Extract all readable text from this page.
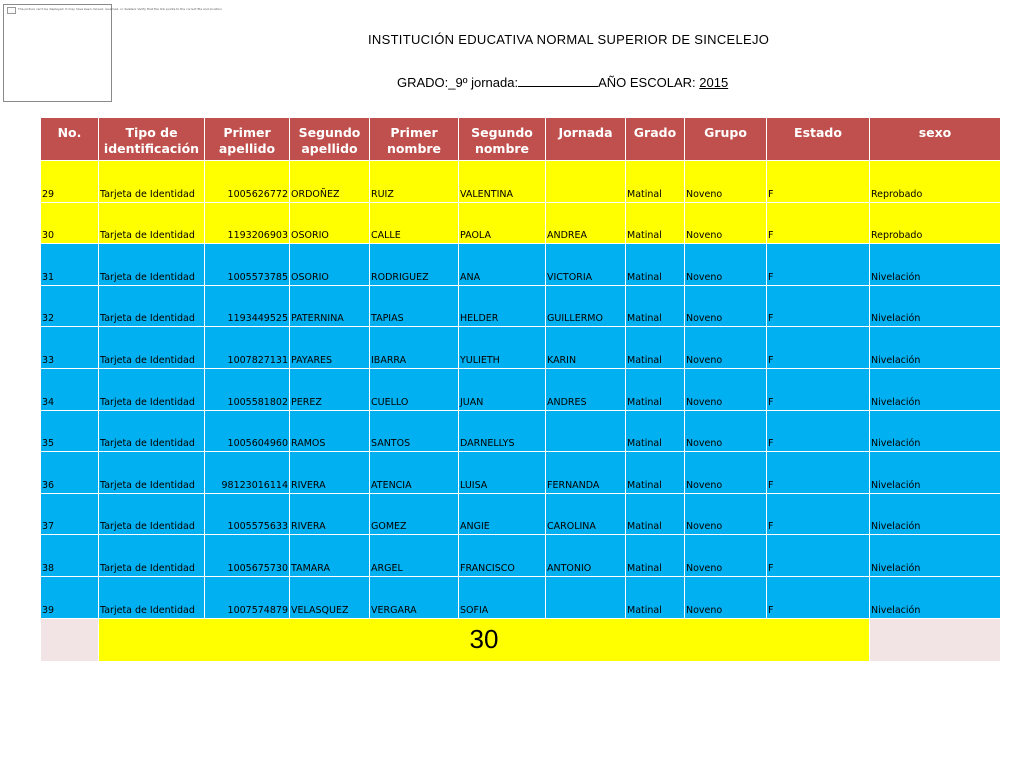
The picture can't be displayed. It may have been moved, renamed, or deleted. Verify that the link points to the correct file and location.
INSTITUCIÓN EDUCATIVA NORMAL SUPERIOR DE SINCELEJO
GRADO:_9º jornada:	AÑO ESCOLAR: 2015
No.	Tipo de identificación	Primer apellido	Segundo apellido	Primer nombre	Segundo nombre	Jornada	Grado	Grupo	Estado	sexo
29	Tarjeta de Identidad	1005626772	ORDOÑEZ	RUIZ	VALENTINA		Matinal	Noveno	F	Reprobado
30	Tarjeta de Identidad	1193206903	OSORIO	CALLE	PAOLA	ANDREA	Matinal	Noveno	F	Reprobado
31	Tarjeta de Identidad	1005573785	OSORIO	RODRIGUEZ	ANA	VICTORIA	Matinal	Noveno	F	Nivelación
32	Tarjeta de Identidad	1193449525	PATERNINA	TAPIAS	HELDER	GUILLERMO	Matinal	Noveno	F	Nivelación
33	Tarjeta de Identidad	1007827131	PAYARES	IBARRA	YULIETH	KARIN	Matinal	Noveno	F	Nivelación
34	Tarjeta de Identidad	1005581802	PEREZ	CUELLO	JUAN	ANDRES	Matinal	Noveno	F	Nivelación
35	Tarjeta de Identidad	1005604960	RAMOS	SANTOS	DARNELLYS		Matinal	Noveno	F	Nivelación
36	Tarjeta de Identidad	98123016114	RIVERA	ATENCIA	LUISA	FERNANDA	Matinal	Noveno	F	Nivelación
37	Tarjeta de Identidad	1005575633	RIVERA	GOMEZ	ANGIE	CAROLINA	Matinal	Noveno	F	Nivelación
38	Tarjeta de Identidad	1005675730	TAMARA	ARGEL	FRANCISCO	ANTONIO	Matinal	Noveno	F	Nivelación
39	Tarjeta de Identidad	1007574879	VELASQUEZ	VERGARA	SOFIA		Matinal	Noveno	F	Nivelación
	30									
